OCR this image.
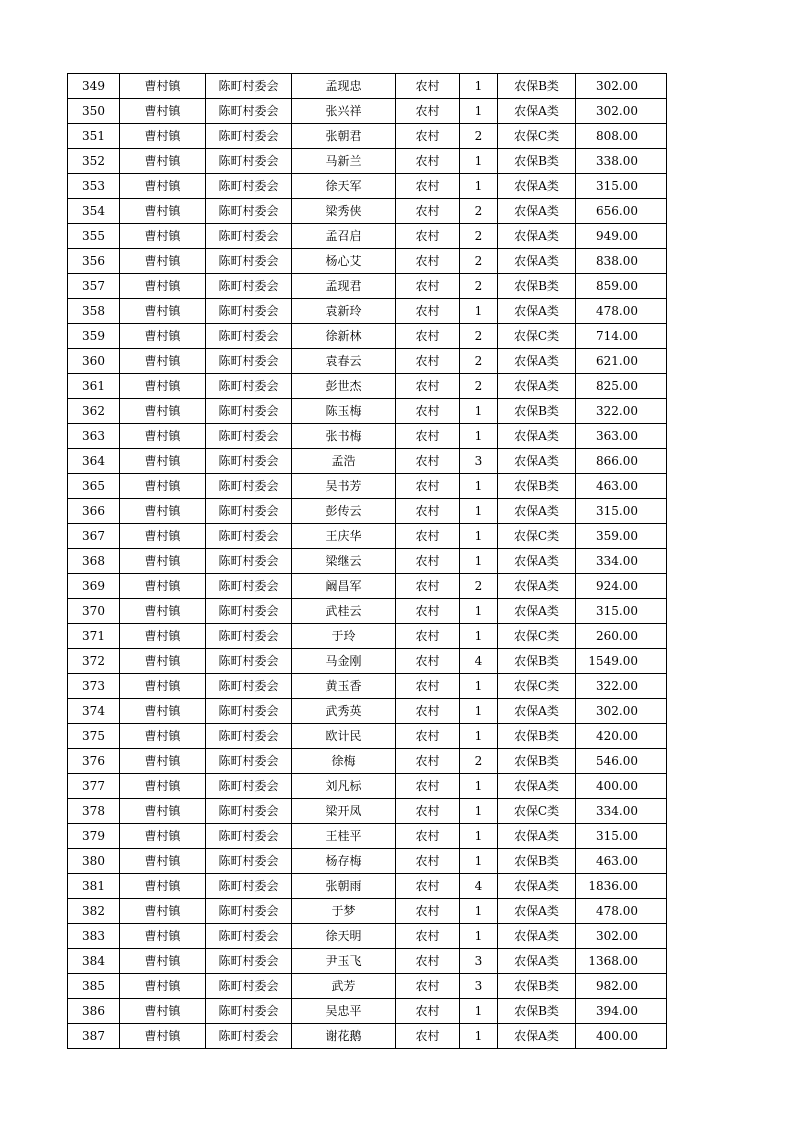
349	曹村镇	陈町村委会	孟现忠	农村	1	农保B类	302.00
350	曹村镇	陈町村委会	张兴祥	农村	1	农保A类	302.00
351	曹村镇	陈町村委会	张朝君	农村	2	农保C类	808.00
352	曹村镇	陈町村委会	马新兰	农村	1	农保B类	338.00
353	曹村镇	陈町村委会	徐天军	农村	1	农保A类	315.00
354	曹村镇	陈町村委会	梁秀侠	农村	2	农保A类	656.00
355	曹村镇	陈町村委会	孟召启	农村	2	农保A类	949.00
356	曹村镇	陈町村委会	杨心艾	农村	2	农保A类	838.00
357	曹村镇	陈町村委会	孟现君	农村	2	农保B类	859.00
358	曹村镇	陈町村委会	袁新玲	农村	1	农保A类	478.00
359	曹村镇	陈町村委会	徐新林	农村	2	农保C类	714.00
360	曹村镇	陈町村委会	袁春云	农村	2	农保A类	621.00
361	曹村镇	陈町村委会	彭世杰	农村	2	农保A类	825.00
362	曹村镇	陈町村委会	陈玉梅	农村	1	农保B类	322.00
363	曹村镇	陈町村委会	张书梅	农村	1	农保A类	363.00
364	曹村镇	陈町村委会	孟浩	农村	3	农保A类	866.00
365	曹村镇	陈町村委会	吴书芳	农村	1	农保B类	463.00
366	曹村镇	陈町村委会	彭传云	农村	1	农保A类	315.00
367	曹村镇	陈町村委会	王庆华	农村	1	农保C类	359.00
368	曹村镇	陈町村委会	梁继云	农村	1	农保A类	334.00
369	曹村镇	陈町村委会	阚昌军	农村	2	农保A类	924.00
370	曹村镇	陈町村委会	武桂云	农村	1	农保A类	315.00
371	曹村镇	陈町村委会	于玲	农村	1	农保C类	260.00
372	曹村镇	陈町村委会	马金刚	农村	4	农保B类	1549.00
373	曹村镇	陈町村委会	黄玉香	农村	1	农保C类	322.00
374	曹村镇	陈町村委会	武秀英	农村	1	农保A类	302.00
375	曹村镇	陈町村委会	欧计民	农村	1	农保B类	420.00
376	曹村镇	陈町村委会	徐梅	农村	2	农保B类	546.00
377	曹村镇	陈町村委会	刘凡标	农村	1	农保A类	400.00
378	曹村镇	陈町村委会	梁开凤	农村	1	农保C类	334.00
379	曹村镇	陈町村委会	王桂平	农村	1	农保A类	315.00
380	曹村镇	陈町村委会	杨存梅	农村	1	农保B类	463.00
381	曹村镇	陈町村委会	张朝雨	农村	4	农保A类	1836.00
382	曹村镇	陈町村委会	于梦	农村	1	农保A类	478.00
383	曹村镇	陈町村委会	徐天明	农村	1	农保A类	302.00
384	曹村镇	陈町村委会	尹玉飞	农村	3	农保A类	1368.00
385	曹村镇	陈町村委会	武芳	农村	3	农保B类	982.00
386	曹村镇	陈町村委会	吴忠平	农村	1	农保B类	394.00
387	曹村镇	陈町村委会	谢花鹅	农村	1	农保A类	400.00
